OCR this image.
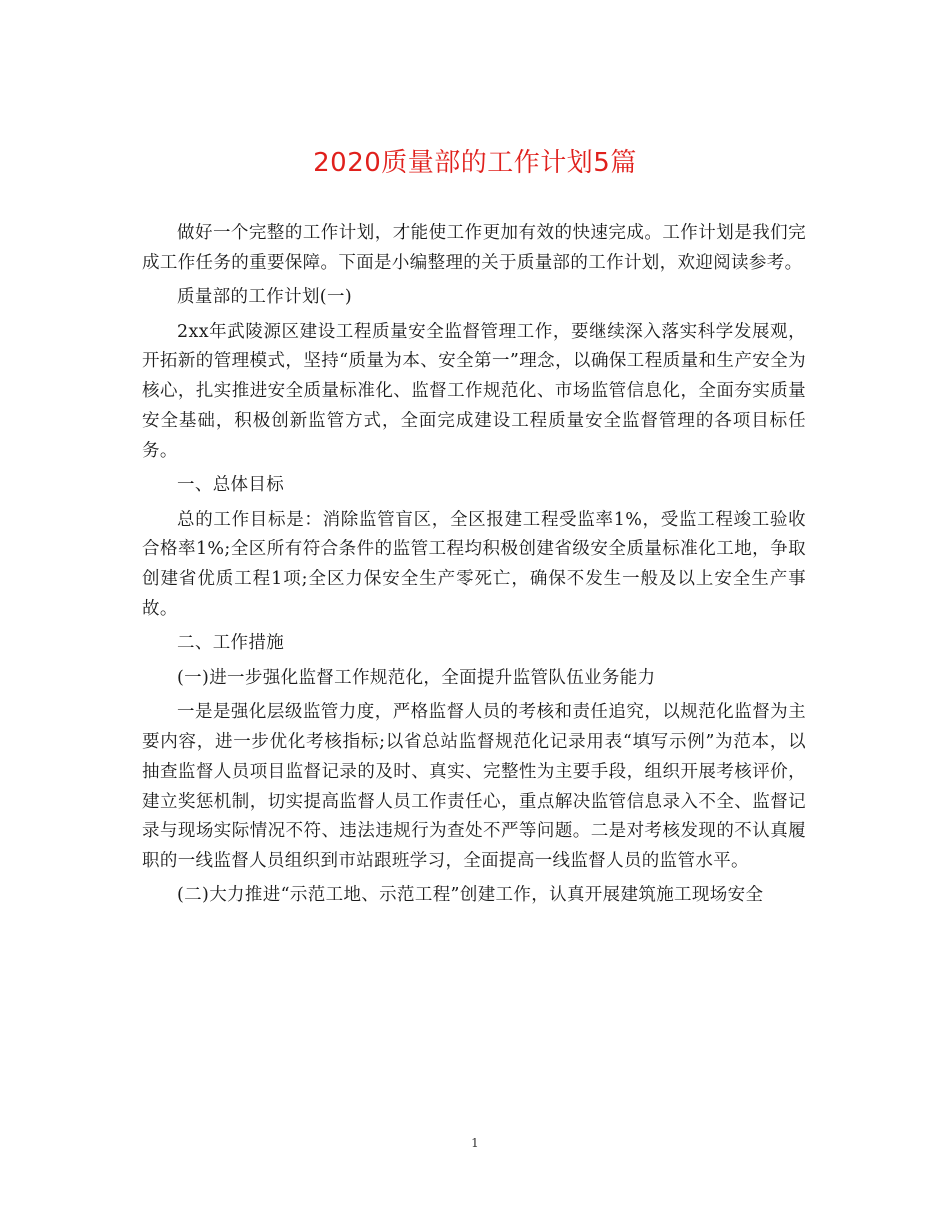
2020质量部的工作计划5篇

做好一个完整的工作计划，才能使工作更加有效的快速完成。工作计划是我们完成工作任务的重要保障。下面是小编整理的关于质量部的工作计划，欢迎阅读参考。

质量部的工作计划(一)

2xx年武陵源区建设工程质量安全监督管理工作，要继续深入落实科学发展观，开拓新的管理模式，坚持“质量为本、安全第一”理念，以确保工程质量和生产安全为核心，扎实推进安全质量标准化、监督工作规范化、市场监管信息化，全面夯实质量安全基础，积极创新监管方式，全面完成建设工程质量安全监督管理的各项目标任务。

一、总体目标

总的工作目标是：消除监管盲区，全区报建工程受监率1%，受监工程竣工验收合格率1%;全区所有符合条件的监管工程均积极创建省级安全质量标准化工地，争取创建省优质工程1项;全区力保安全生产零死亡，确保不发生一般及以上安全生产事故。

二、工作措施

(一)进一步强化监督工作规范化，全面提升监管队伍业务能力

一是是强化层级监管力度，严格监督人员的考核和责任追究，以规范化监督为主要内容，进一步优化考核指标;以省总站监督规范化记录用表“填写示例”为范本，以抽查监督人员项目监督记录的及时、真实、完整性为主要手段，组织开展考核评价，建立奖惩机制，切实提高监督人员工作责任心，重点解决监管信息录入不全、监督记录与现场实际情况不符、违法违规行为查处不严等问题。二是对考核发现的不认真履职的一线监督人员组织到市站跟班学习，全面提高一线监督人员的监管水平。

(二)大力推进“示范工地、示范工程”创建工作，认真开展建筑施工现场安全

1
